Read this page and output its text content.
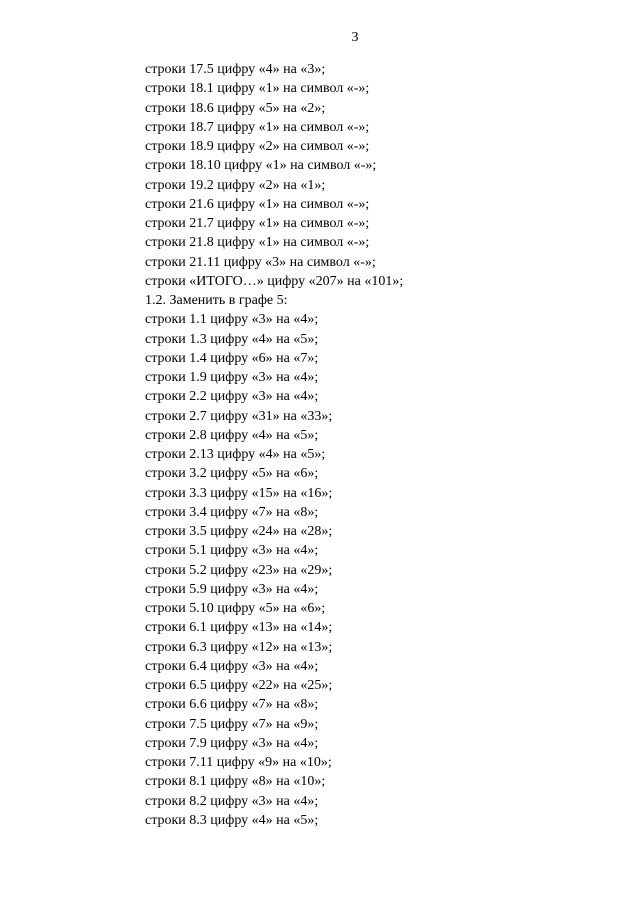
3
строки 17.5 цифру «4» на «3»;
строки 18.1 цифру «1» на символ «-»;
строки 18.6 цифру «5» на «2»;
строки 18.7 цифру «1» на символ «-»;
строки 18.9 цифру «2» на символ «-»;
строки 18.10 цифру «1» на символ «-»;
строки 19.2 цифру «2» на «1»;
строки 21.6 цифру «1» на символ «-»;
строки 21.7 цифру «1» на символ «-»;
строки 21.8 цифру «1» на символ «-»;
строки 21.11 цифру «3» на символ «-»;
строки «ИТОГО…» цифру «207» на «101»;
1.2. Заменить в графе 5:
строки 1.1 цифру «3» на «4»;
строки 1.3 цифру «4» на «5»;
строки 1.4 цифру «6» на «7»;
строки 1.9 цифру «3» на «4»;
строки 2.2 цифру «3» на «4»;
строки 2.7 цифру «31» на «33»;
строки 2.8 цифру «4» на «5»;
строки 2.13 цифру «4» на «5»;
строки 3.2 цифру «5» на «6»;
строки 3.3 цифру «15» на «16»;
строки 3.4 цифру «7» на «8»;
строки 3.5 цифру «24» на «28»;
строки 5.1 цифру «3» на «4»;
строки 5.2 цифру «23» на «29»;
строки 5.9 цифру «3» на «4»;
строки 5.10 цифру «5» на «6»;
строки 6.1 цифру «13» на «14»;
строки 6.3 цифру «12» на «13»;
строки 6.4 цифру «3» на «4»;
строки 6.5 цифру «22» на «25»;
строки 6.6 цифру «7» на «8»;
строки 7.5 цифру «7» на «9»;
строки 7.9 цифру «3» на «4»;
строки 7.11 цифру «9» на «10»;
строки 8.1 цифру «8» на «10»;
строки 8.2 цифру «3» на «4»;
строки 8.3 цифру «4» на «5»;
